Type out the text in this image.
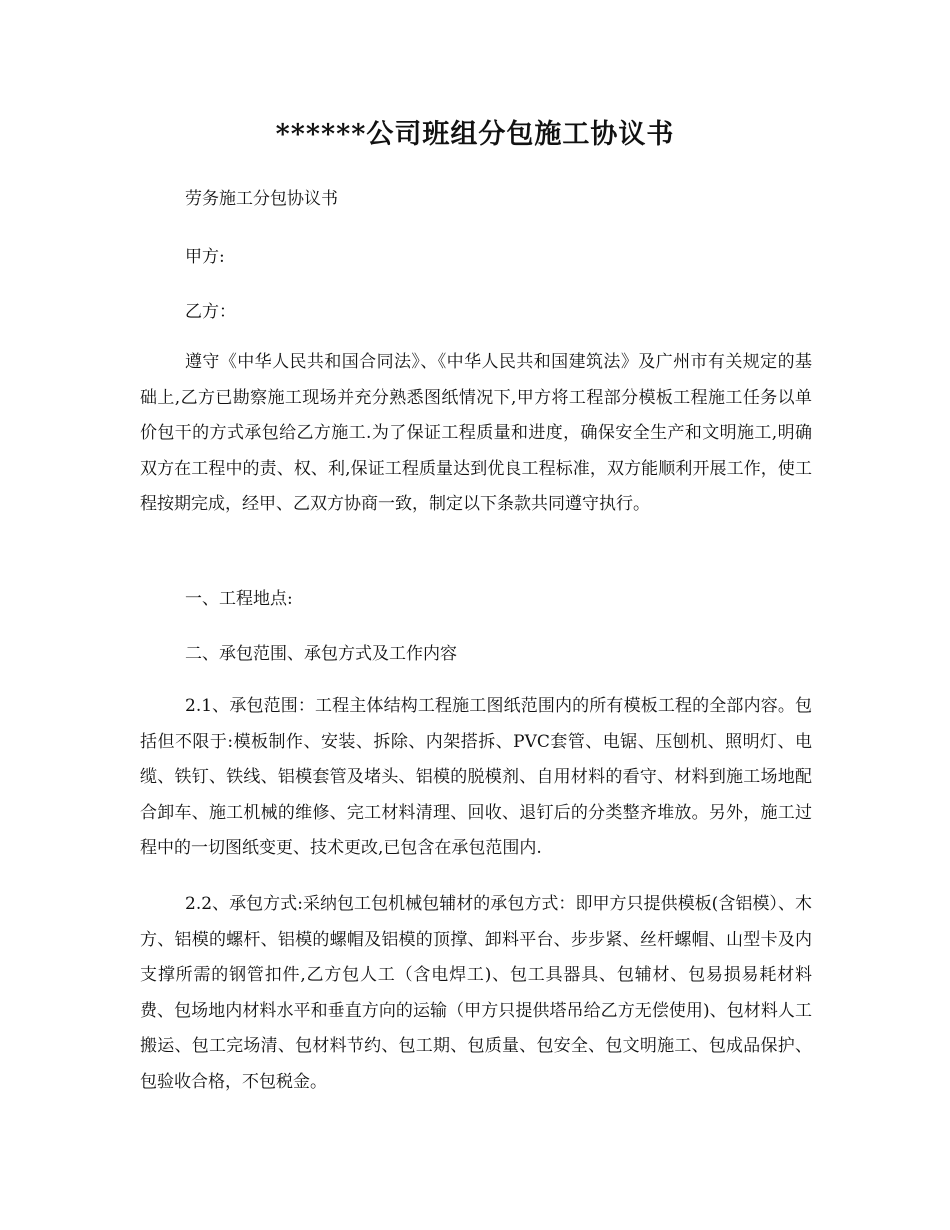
******公司班组分包施工协议书
劳务施工分包协议书
甲方:
乙方：

遵守《中华人民共和国合同法》、《中华人民共和国建筑法》及广州市有关规定的基础上,乙方已勘察施工现场并充分熟悉图纸情况下,甲方将工程部分模板工程施工任务以单价包干的方式承包给乙方施工.为了保证工程质量和进度，确保安全生产和文明施工,明确双方在工程中的责、权、利,保证工程质量达到优良工程标准，双方能顺利开展工作，使工程按期完成，经甲、乙双方协商一致，制定以下条款共同遵守执行。

一、工程地点:
二、承包范围、承包方式及工作内容

2.1、承包范围：工程主体结构工程施工图纸范围内的所有模板工程的全部内容。包括但不限于:模板制作、安装、拆除、内架搭拆、PVC套管、电锯、压刨机、照明灯、电缆、铁钉、铁线、铝模套管及堵头、铝模的脱模剂、自用材料的看守、材料到施工场地配合卸车、施工机械的维修、完工材料清理、回收、退钉后的分类整齐堆放。另外，施工过程中的一切图纸变更、技术更改,已包含在承包范围内.

2.2、承包方式:采纳包工包机械包辅材的承包方式：即甲方只提供模板(含铝模）、木方、铝模的螺杆、铝模的螺帽及铝模的顶撑、卸料平台、步步紧、丝杆螺帽、山型卡及内支撑所需的钢管扣件,乙方包人工（含电焊工)、包工具器具、包辅材、包易损易耗材料费、包场地内材料水平和垂直方向的运输（甲方只提供塔吊给乙方无偿使用)、包材料人工搬运、包工完场清、包材料节约、包工期、包质量、包安全、包文明施工、包成品保护、包验收合格，不包税金。
